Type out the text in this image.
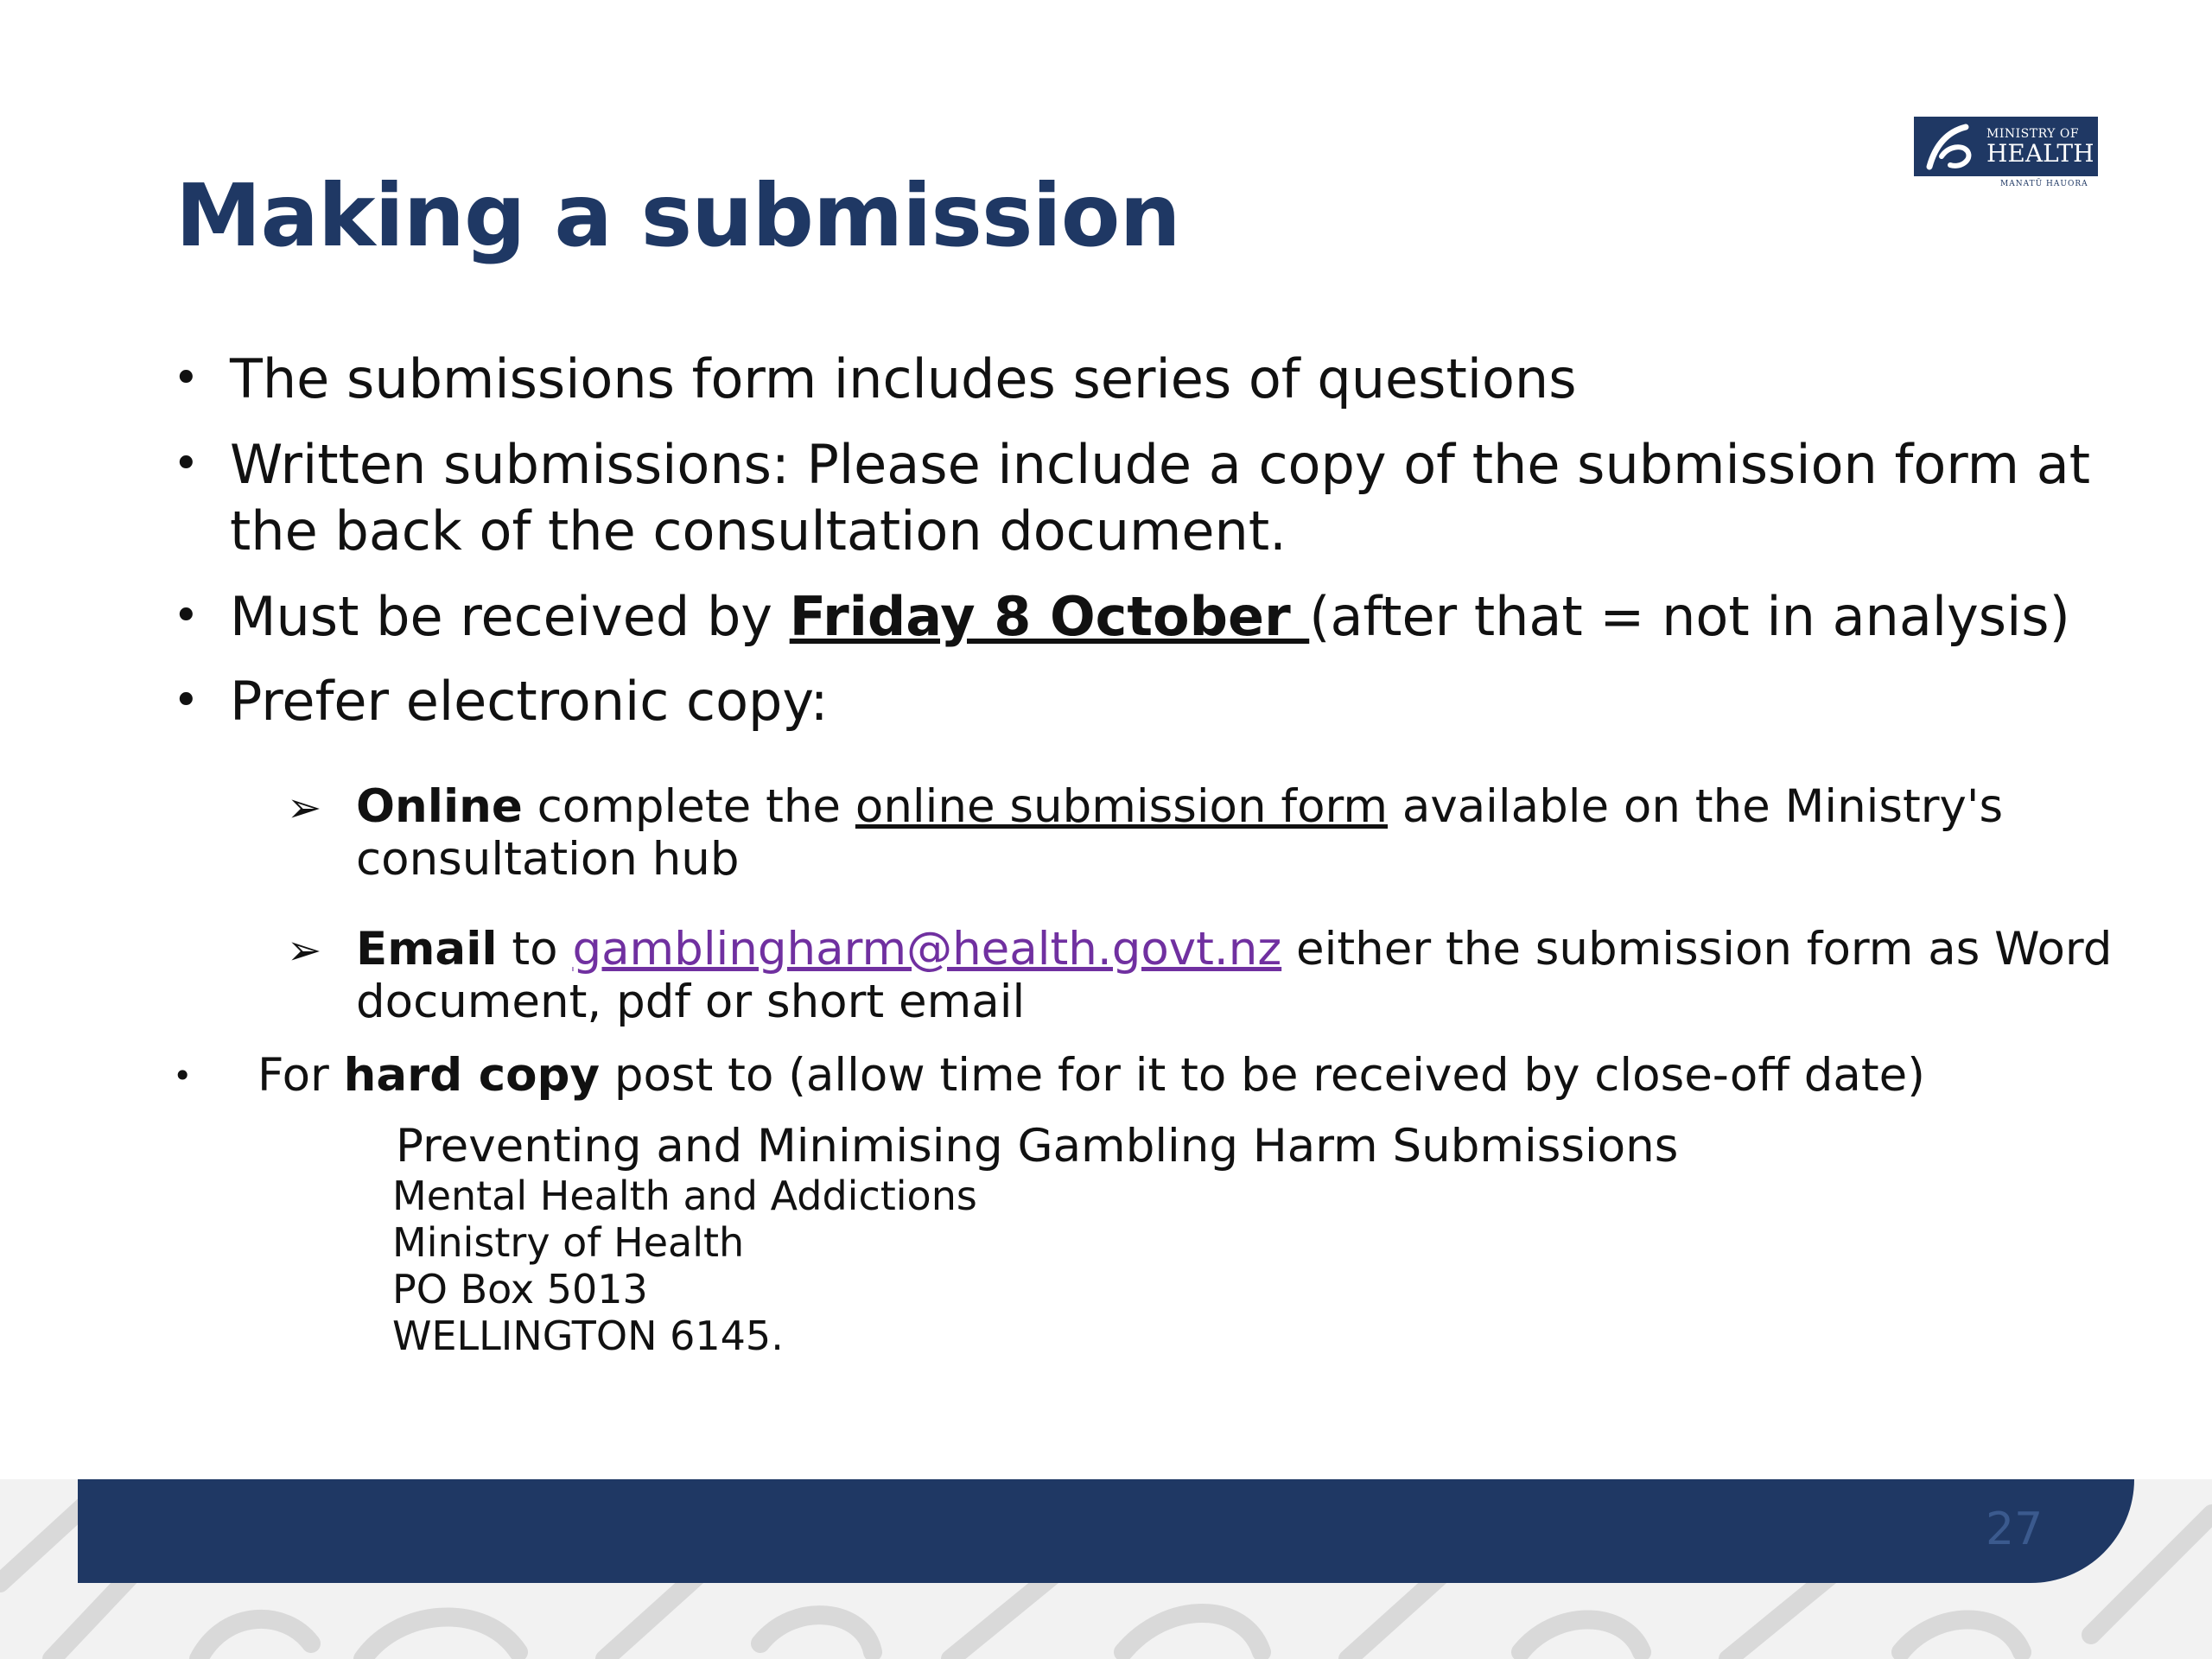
MINISTRY OF
HEALTH
MANATŪ HAUORA
Making a submission
• The submissions form includes series of questions
• Written submissions: Please include a copy of the submission form at the back of the consultation document.
• Must be received by Friday 8 October (after that = not in analysis)
• Prefer electronic copy:
➢ Online complete the online submission form available on the Ministry's consultation hub
➢ Email to gamblingharm@health.govt.nz either the submission form as Word document, pdf or short email
• For hard copy post to (allow time for it to be received by close-off date)
Preventing and Minimising Gambling Harm Submissions
Mental Health and Addictions
Ministry of Health
PO Box 5013
WELLINGTON 6145.
27
